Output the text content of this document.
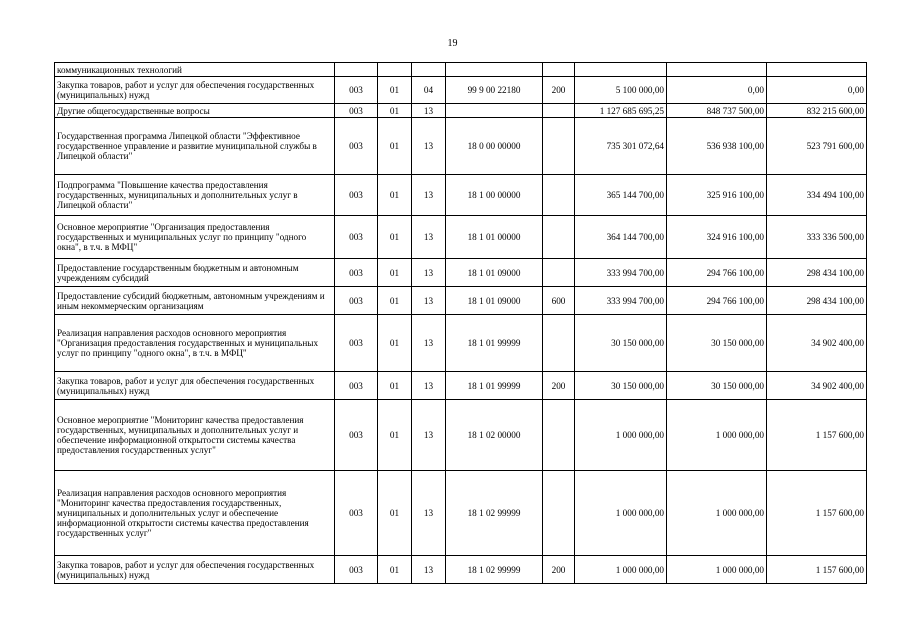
19
коммуникационных технологий								
Закупка товаров, работ и услуг для обеспечения государственных (муниципальных) нужд	003	01	04	99 9 00 22180	200	5 100 000,00	0,00	0,00
Другие общегосударственные вопросы	003	01	13			1 127 685 695,25	848 737 500,00	832 215 600,00
Государственная программа Липецкой области "Эффективное государственное управление и развитие муниципальной службы в Липецкой области"	003	01	13	18 0 00 00000		735 301 072,64	536 938 100,00	523 791 600,00
Подпрограмма "Повышение качества предоставления государственных, муниципальных и дополнительных услуг в Липецкой области"	003	01	13	18 1 00 00000		365 144 700,00	325 916 100,00	334 494 100,00
Основное мероприятие "Организация предоставления государственных и муниципальных услуг по принципу "одного окна", в т.ч. в МФЦ"	003	01	13	18 1 01 00000		364 144 700,00	324 916 100,00	333 336 500,00
Предоставление государственным бюджетным и автономным учреждениям субсидий	003	01	13	18 1 01 09000		333 994 700,00	294 766 100,00	298 434 100,00
Предоставление субсидий бюджетным, автономным учреждениям и иным некоммерческим организациям	003	01	13	18 1 01 09000	600	333 994 700,00	294 766 100,00	298 434 100,00
Реализация направления расходов основного мероприятия "Организация предоставления государственных и муниципальных услуг по принципу "одного окна", в т.ч. в МФЦ"	003	01	13	18 1 01 99999		30 150 000,00	30 150 000,00	34 902 400,00
Закупка товаров, работ и услуг для обеспечения государственных (муниципальных) нужд	003	01	13	18 1 01 99999	200	30 150 000,00	30 150 000,00	34 902 400,00
Основное мероприятие "Мониторинг качества предоставления государственных, муниципальных и дополнительных услуг и обеспечение информационной открытости системы качества предоставления государственных услуг"	003	01	13	18 1 02 00000		1 000 000,00	1 000 000,00	1 157 600,00
Реализация направления расходов основного мероприятия "Мониторинг качества предоставления государственных, муниципальных и дополнительных услуг и обеспечение информационной открытости системы качества предоставления государственных услуг"	003	01	13	18 1 02 99999		1 000 000,00	1 000 000,00	1 157 600,00
Закупка товаров, работ и услуг для обеспечения государственных (муниципальных) нужд	003	01	13	18 1 02 99999	200	1 000 000,00	1 000 000,00	1 157 600,00
